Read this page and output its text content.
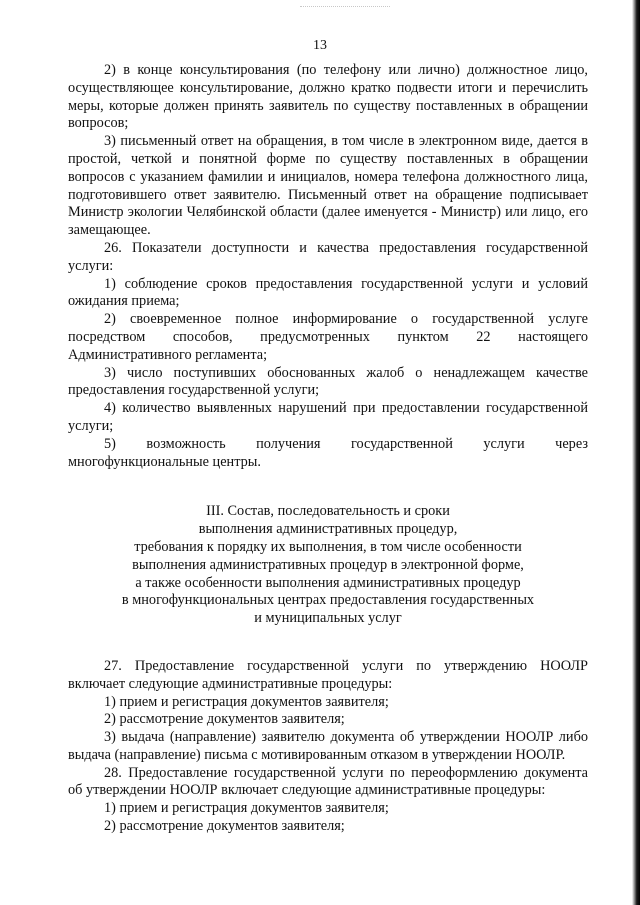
13

2) в конце консультирования (по телефону или лично) должностное лицо, осуществляющее консультирование, должно кратко подвести итоги и перечислить меры, которые должен принять заявитель по существу поставленных в обращении вопросов;

3) письменный ответ на обращения, в том числе в электронном виде, дается в простой, четкой и понятной форме по существу поставленных в обращении вопросов с указанием фамилии и инициалов, номера телефона должностного лица, подготовившего ответ заявителю. Письменный ответ на обращение подписывает Министр экологии Челябинской области (далее именуется - Министр) или лицо, его замещающее.

26. Показатели доступности и качества предоставления государственной услуги:

1) соблюдение сроков предоставления государственной услуги и условий ожидания приема;

2) своевременное полное информирование о государственной услуге посредством способов, предусмотренных пунктом 22 настоящего Административного регламента;

3) число поступивших обоснованных жалоб о ненадлежащем качестве предоставления государственной услуги;

4) количество выявленных нарушений при предоставлении государственной услуги;

5) возможность получения государственной услуги через многофункциональные центры.

III. Состав, последовательность и сроки
выполнения административных процедур,
требования к порядку их выполнения, в том числе особенности
выполнения административных процедур в электронной форме,
а также особенности выполнения административных процедур
в многофункциональных центрах предоставления государственных
и муниципальных услуг

27. Предоставление государственной услуги по утверждению НООЛР включает следующие административные процедуры:

1) прием и регистрация документов заявителя;

2) рассмотрение документов заявителя;

3) выдача (направление) заявителю документа об утверждении НООЛР либо выдача (направление) письма с мотивированным отказом в утверждении НООЛР.

28. Предоставление государственной услуги по переоформлению документа об утверждении НООЛР включает следующие административные процедуры:

1) прием и регистрация документов заявителя;

2) рассмотрение документов заявителя;
